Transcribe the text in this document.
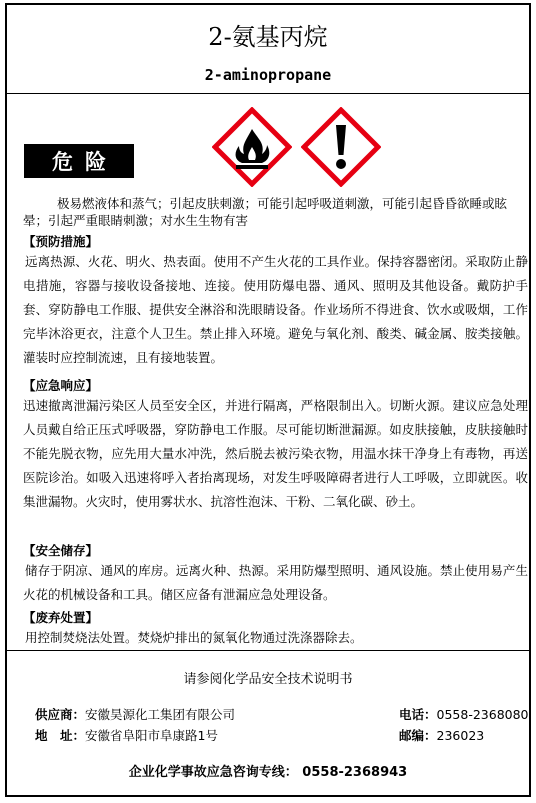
2-氨基丙烷
2-aminopropane
危险
极易燃液体和蒸气；引起皮肤刺激；可能引起呼吸道刺激，可能引起昏昏欲睡或眩晕；引起严重眼睛刺激；对水生生物有害
【预防措施】
远离热源、火花、明火、热表面。使用不产生火花的工具作业。保持容器密闭。采取防止静电措施，容器与接收设备接地、连接。使用防爆电器、通风、照明及其他设备。戴防护手套、穿防静电工作服、提供安全淋浴和洗眼睛设备。作业场所不得进食、饮水或吸烟，工作完毕沐浴更衣，注意个人卫生。禁止排入环境。避免与氧化剂、酸类、碱金属、胺类接触。灌装时应控制流速，且有接地装置。
【应急响应】
迅速撤离泄漏污染区人员至安全区，并进行隔离，严格限制出入。切断火源。建议应急处理人员戴自给正压式呼吸器，穿防静电工作服。尽可能切断泄漏源。如皮肤接触，皮肤接触时不能先脱衣物，应先用大量水冲洗，然后脱去被污染衣物，用温水抹干净身上有毒物，再送医院诊治。如吸入迅速将呼入者抬离现场，对发生呼吸障碍者进行人工呼吸，立即就医。收集泄漏物。火灾时，使用雾状水、抗溶性泡沫、干粉、二氧化碳、砂土。
【安全储存】
储存于阴凉、通风的库房。远离火种、热源。采用防爆型照明、通风设施。禁止使用易产生火花的机械设备和工具。储区应备有泄漏应急处理设备。
【废弃处置】
用控制焚烧法处置。焚烧炉排出的氮氧化物通过洗涤器除去。
请参阅化学品安全技术说明书
供应商：安徽昊源化工集团有限公司	电话：0558-2368080
地　址：安徽省阜阳市阜康路1号	邮编：236023
企业化学事故应急咨询专线： 0558-2368943
